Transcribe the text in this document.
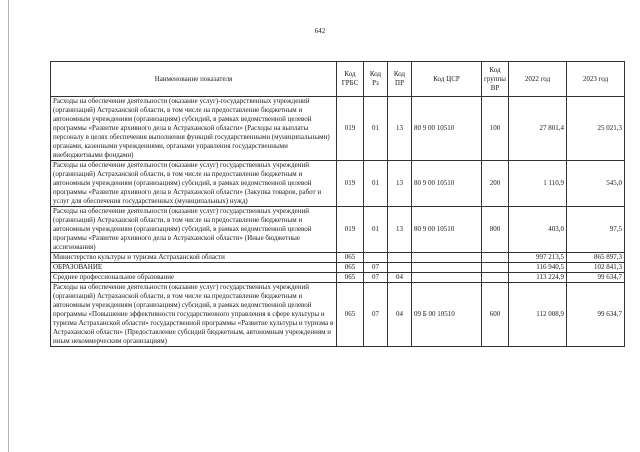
642
Наименование показателя	Код ГРБС	Код Рз	Код ПР	Код ЦСР	Код группы ВР	2022 год	2023 год
Расходы на обеспечение деятельности (оказание услуг)-государственных учреждений (организаций) Астраханской области, в том числе на предоставление бюджетным и автономным учреждениям (организациям) субсидий, в рамках ведомственной целевой программы «Развитие архивного дела в Астраханской области» (Расходы на выплаты персоналу в целях обеспечения выполнения функций государственными (муниципальными) органами, казенными учреждениями, органами управления государственными внебюджетными фондами)	019	01	13	80 9 00 10510	100	27 801,4	25 021,3
Расходы на обеспечение деятельности (оказание услуг) государственных учреждений (организаций) Астраханской области, в том числе на предоставление бюджетным и автономным учреждениям (организациям) субсидий, в рамках ведомственной целевой программы «Развитие архивного дела в Астраханской области» (Закупка товаров, работ и услуг для обеспечения государственных (муниципальных) нужд)	019	01	13	80 9 00 10510	200	1 110,9	545,0
Расходы на обеспечение деятельности (оказание услуг) государственных учреждений (организаций) Астраханской области, в том числе на предоставление бюджетным и автономным учреждениям (организациям) субсидий, в рамках ведомственной целевой программы «Развитие архивного дела в Астраханской области» (Иные бюджетные ассигнования)	019	01	13	80 9 00 10510	800	403,0	97,5
Министерство культуры и туризма Астраханской области	065					997 213,5	865 897,3
ОБРАЗОВАНИЕ	065	07				116 940,5	102 841,3
Среднее профессиональное образование	065	07	04			113 224,9	99 634,7
Расходы на обеспечение деятельности (оказание услуг) государственных учреждений (организаций) Астраханской области, в том числе на предоставление бюджетным и автономным учреждениям (организациям) субсидий, в рамках ведомственной целевой программы «Повышение эффективности государственного управления в сфере культуры и туризма Астраханской области» государственной программы «Развитие культуры и туризма в Астраханской области» (Предоставление субсидий бюджетным, автономным учреждениям и иным некоммерческим организациям)	065	07	04	09 Б 00 10510	600	112 008,9	99 634,7
